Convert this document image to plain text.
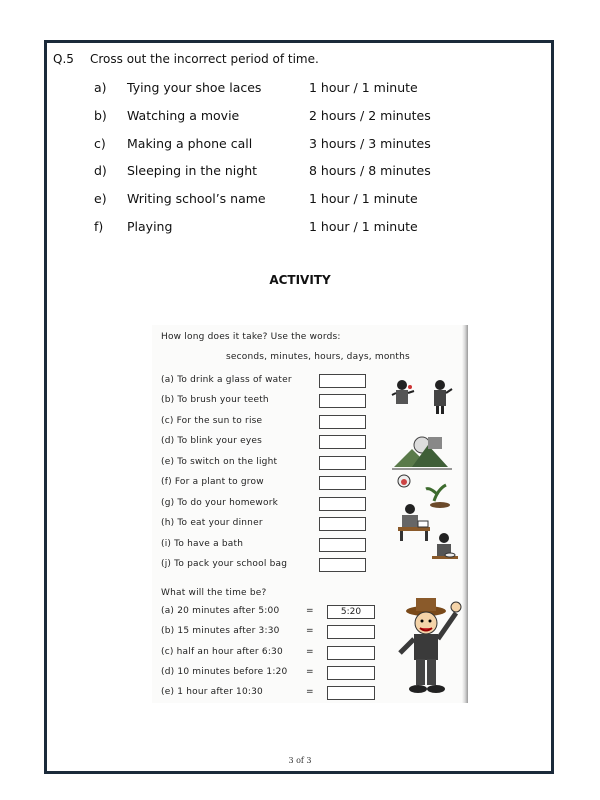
Q.5 Cross out the incorrect period of time.
a)	Tying your shoe laces	1 hour / 1 minute
b)	Watching a movie	2 hours / 2 minutes
c)	Making a phone call	3 hours / 3 minutes
d)	Sleeping in the night	8 hours / 8 minutes
e)	Writing school’s name	1 hour / 1 minute
f)	Playing	1 hour / 1 minute
ACTIVITY
How long does it take? Use the words:
seconds, minutes, hours, days, months
(a) To drink a glass of water
(b) To brush your teeth
(c) For the sun to rise
(d) To blink your eyes
(e) To switch on the light
(f) For a plant to grow
(g) To do your homework
(h) To eat your dinner
(i) To have a bath
(j) To pack your school bag
What will the time be?
(a) 20 minutes after 5:00	=	5:20
(b) 15 minutes after 3:30	=
(c) half an hour after 6:30	=
(d) 10 minutes before 1:20 =
(e) 1 hour after 10:30	=
3 of 3
